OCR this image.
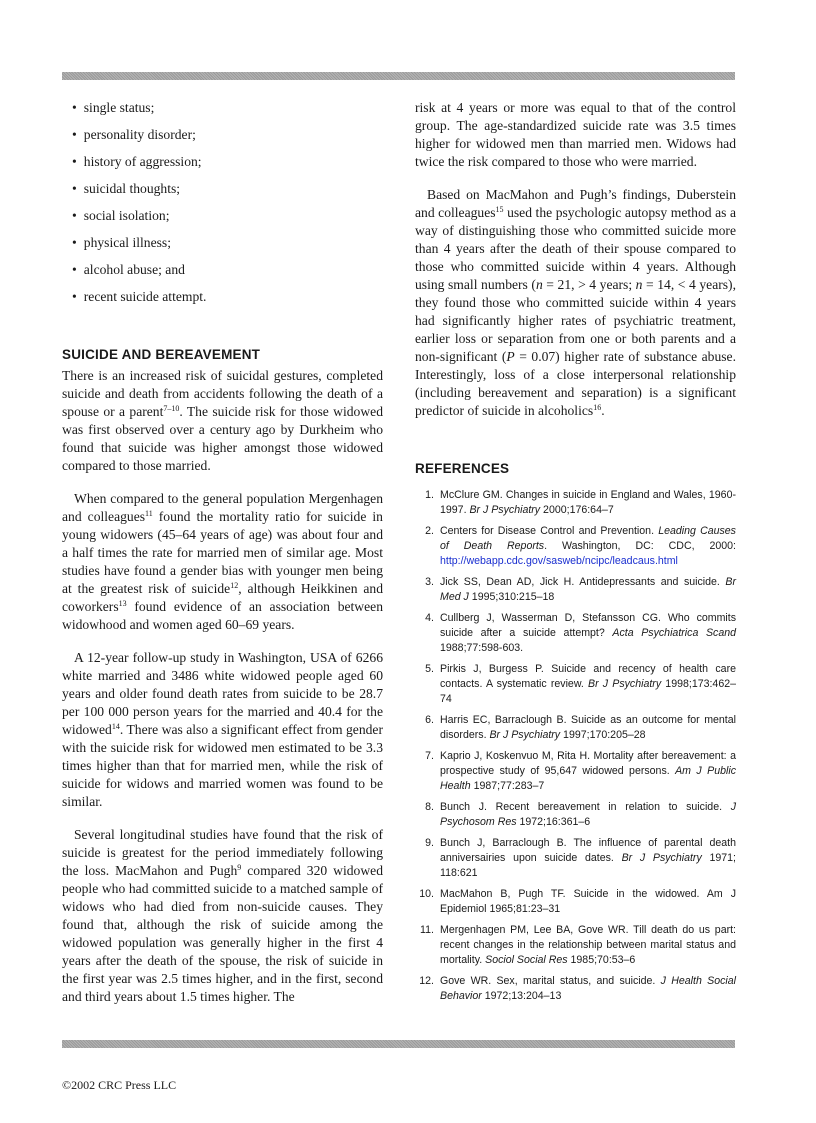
• single status;
• personality disorder;
• history of aggression;
• suicidal thoughts;
• social isolation;
• physical illness;
• alcohol abuse; and
• recent suicide attempt.
SUICIDE AND BEREAVEMENT

There is an increased risk of suicidal gestures, completed suicide and death from accidents following the death of a spouse or a parent$^{7-10}$. The suicide risk for those widowed was first observed over a century ago by Durkheim who found that suicide was higher amongst those widowed compared to those married.

When compared to the general population Mergenhagen and colleagues$^{11}$ found the mortality ratio for suicide in young widowers (45–64 years of age) was about four and a half times the rate for married men of similar age. Most studies have found a gender bias with younger men being at the greatest risk of suicide$^{12}$, although Heikkinen and coworkers$^{13}$ found evidence of an association between widowhood and women aged 60–69 years.

A 12-year follow-up study in Washington, USA of 6266 white married and 3486 white widowed people aged 60 years and older found death rates from suicide to be 28.7 per 100 000 person years for the married and 40.4 for the widowed$^{14}$. There was also a significant effect from gender with the suicide risk for widowed men estimated to be 3.3 times higher than that for married men, while the risk of suicide for widows and married women was found to be similar.

Several longitudinal studies have found that the risk of suicide is greatest for the period immediately following the loss. MacMahon and Pugh$^9$ compared 320 widowed people who had committed suicide to a matched sample of widows who had died from non-suicide causes. They found that, although the risk of suicide among the widowed population was generally higher in the first 4 years after the death of the spouse, the risk of suicide in the first year was 2.5 times higher, and in the first, second and third years about 1.5 times higher. The

risk at 4 years or more was equal to that of the control group. The age-standardized suicide rate was 3.5 times higher for widowed men than married men. Widows had twice the risk compared to those who were married.

Based on MacMahon and Pugh’s findings, Duberstein and colleagues$^{15}$ used the psychologic autopsy method as a way of distinguishing those who committed suicide more than 4 years after the death of their spouse compared to those who committed suicide within 4 years. Although using small numbers (n = 21, > 4 years; n = 14, < 4 years), they found those who committed suicide within 4 years had significantly higher rates of psychiatric treatment, earlier loss or separation from one or both parents and a non-significant (P = 0.07) higher rate of substance abuse. Interestingly, loss of a close interpersonal relationship (including bereavement and separation) is a significant predictor of suicide in alcoholics$^{16}$.

REFERENCES
1. McClure GM. Changes in suicide in England and Wales, 1960-1997. Br J Psychiatry 2000;176:64–7
2. Centers for Disease Control and Prevention. Leading Causes of Death Reports. Washington, DC: CDC, 2000: http://webapp.cdc.gov/sasweb/ncipc/leadcaus.html
3. Jick SS, Dean AD, Jick H. Antidepressants and suicide. Br Med J 1995;310:215–18
4. Cullberg J, Wasserman D, Stefansson CG. Who commits suicide after a suicide attempt? Acta Psychiatrica Scand 1988;77:598-603.
5. Pirkis J, Burgess P. Suicide and recency of health care contacts. A systematic review. Br J Psychiatry 1998;173:462–74
6. Harris EC, Barraclough B. Suicide as an outcome for mental disorders. Br J Psychiatry 1997;170:205–28
7. Kaprio J, Koskenvuo M, Rita H. Mortality after bereavement: a prospective study of 95,647 widowed persons. Am J Public Health 1987;77:283–7
8. Bunch J. Recent bereavement in relation to suicide. J Psychosom Res 1972;16:361–6
9. Bunch J, Barraclough B. The influence of parental death anniversairies upon suicide dates. Br J Psychiatry 1971; 118:621
10. MacMahon B, Pugh TF. Suicide in the widowed. Am J Epidemiol 1965;81:23–31
11. Mergenhagen PM, Lee BA, Gove WR. Till death do us part: recent changes in the relationship between marital status and mortality. Sociol Social Res 1985;70:53–6
12. Gove WR. Sex, marital status, and suicide. J Health Social Behavior 1972;13:204–13
©2002 CRC Press LLC
